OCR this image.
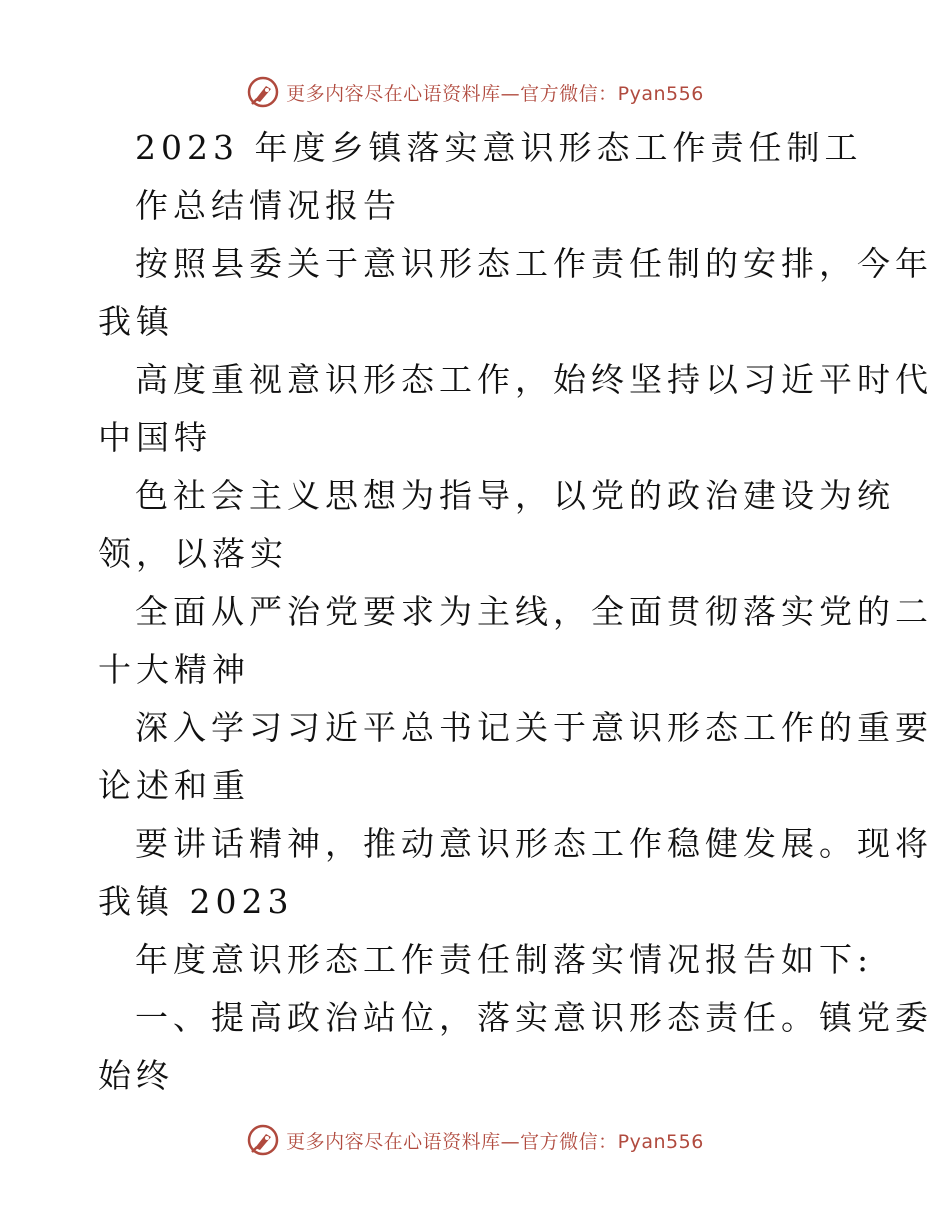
更多内容尽在心语资料库—官方微信：Pyan556
2023 年度乡镇落实意识形态工作责任制工
作总结情况报告
按照县委关于意识形态工作责任制的安排，今年
我镇
高度重视意识形态工作，始终坚持以习近平时代
中国特
色社会主义思想为指导，以党的政治建设为统
领，以落实
全面从严治党要求为主线，全面贯彻落实党的二
十大精神
深入学习习近平总书记关于意识形态工作的重要
论述和重
要讲话精神，推动意识形态工作稳健发展。现将
我镇 2023
年度意识形态工作责任制落实情况报告如下:
一、提高政治站位，落实意识形态责任。镇党委
始终
更多内容尽在心语资料库—官方微信：Pyan556
